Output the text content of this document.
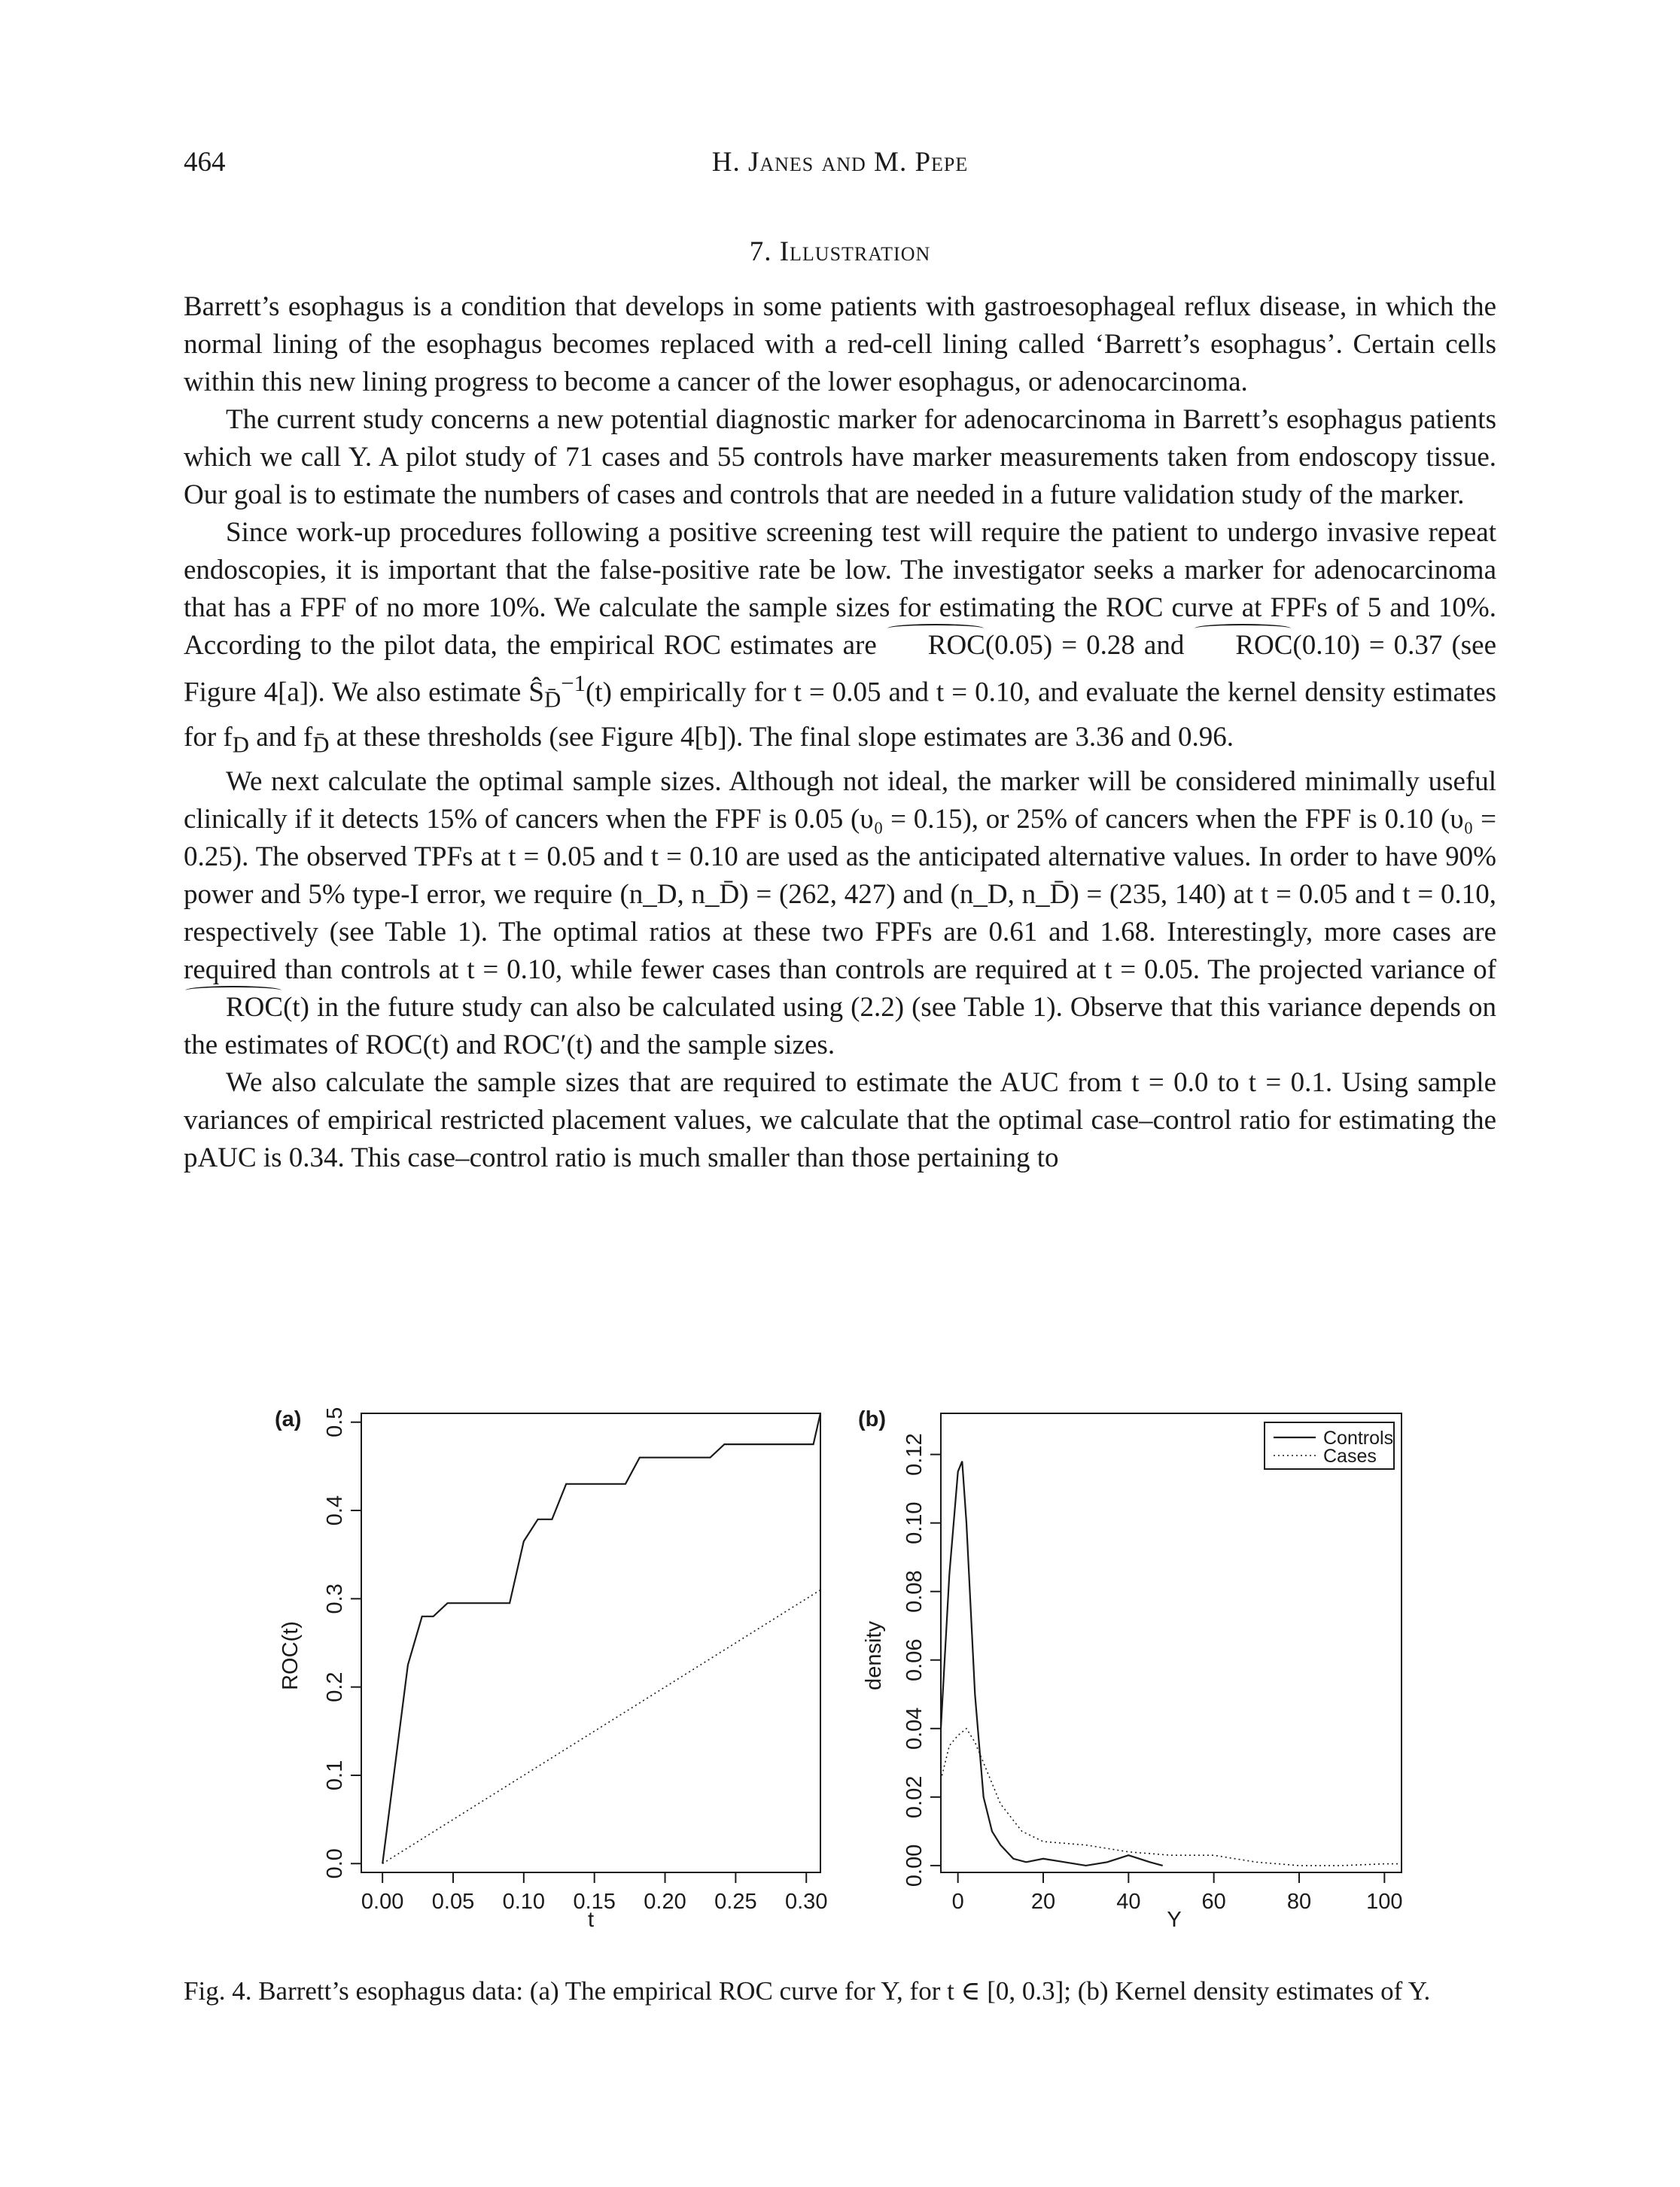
464	H. Janes and M. Pepe
7. Illustration

Barrett’s esophagus is a condition that develops in some patients with gastroesophageal reflux disease, in which the normal lining of the esophagus becomes replaced with a red-cell lining called ‘Barrett’s esophagus’. Certain cells within this new lining progress to become a cancer of the lower esophagus, or adenocarcinoma.

The current study concerns a new potential diagnostic marker for adenocarcinoma in Barrett’s esophagus patients which we call Y. A pilot study of 71 cases and 55 controls have marker measurements taken from endoscopy tissue. Our goal is to estimate the numbers of cases and controls that are needed in a future validation study of the marker.

Since work-up procedures following a positive screening test will require the patient to undergo invasive repeat endoscopies, it is important that the false-positive rate be low. The investigator seeks a marker for adenocarcinoma that has a FPF of no more 10%. We calculate the sample sizes for estimating the ROC curve at FPFs of 5 and 10%. According to the pilot data, the empirical ROC estimates are ROC(0.05) = 0.28 and ROC(0.10) = 0.37 (see Figure 4[a]). We also estimate $Ŝ_{D̄}^{-1}(t)$ empirically for t = 0.05 and t = 0.10, and evaluate the kernel density estimates for $f_D$ and $f_{D̄}$ at these thresholds (see Figure 4[b]). The final slope estimates are 3.36 and 0.96.

We next calculate the optimal sample sizes. Although not ideal, the marker will be considered minimally useful clinically if it detects 15% of cancers when the FPF is 0.05 (υ₀ = 0.15), or 25% of cancers when the FPF is 0.10 (υ₀ = 0.25). The observed TPFs at t = 0.05 and t = 0.10 are used as the anticipated alternative values. In order to have 90% power and 5% type-I error, we require (n_D, n_D̄) = (262, 427) and (n_D, n_D̄) = (235, 140) at t = 0.05 and t = 0.10, respectively (see Table 1). The optimal ratios at these two FPFs are 0.61 and 1.68. Interestingly, more cases are required than controls at t = 0.10, while fewer cases than controls are required at t = 0.05. The projected variance of ROC(t) in the future study can also be calculated using (2.2) (see Table 1). Observe that this variance depends on the estimates of ROC(t) and ROC′(t) and the sample sizes.

We also calculate the sample sizes that are required to estimate the AUC from t = 0.0 to t = 0.1. Using sample variances of empirical restricted placement values, we calculate that the optimal case–control ratio for estimating the pAUC is 0.34. This case–control ratio is much smaller than those pertaining to

(a)
t
ROC(t)
0.00 0.05 0.10 0.15 0.20 0.25 0.30
0.0
0.1
0.2
0.3
0.4
0.5	(b)
Y
density
0	20	40	60	80	100
0.00
0.02
0.04
0.06
0.08
0.10
0.12	Controls
Cases
Fig. 4. Barrett’s esophagus data: (a) The empirical ROC curve for Y, for t ∈ [0, 0.3]; (b) Kernel density estimates of Y.
